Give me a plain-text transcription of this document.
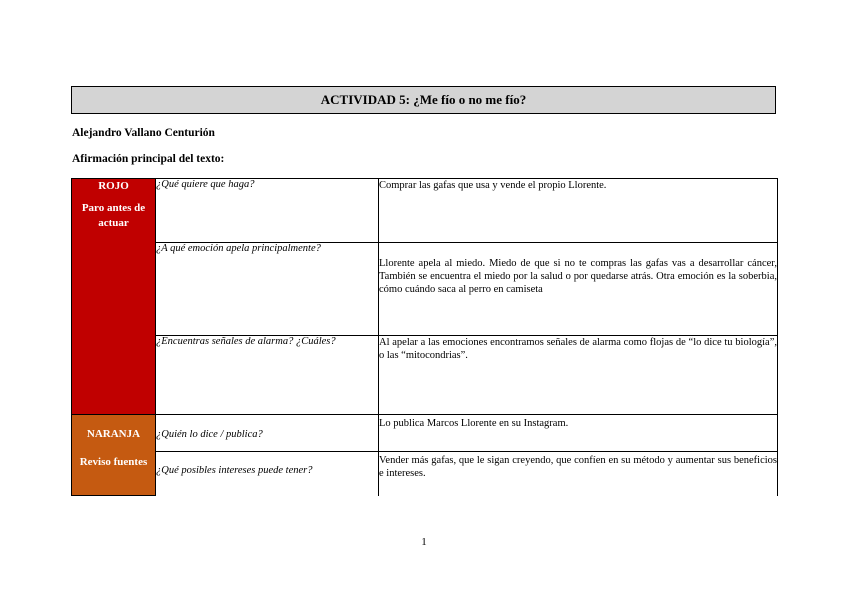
ACTIVIDAD 5: ¿Me fío o no me fío?
Alejandro Vallano Centurión
Afirmación principal del texto:
ROJO
Paro antes de actuar	¿Qué quiere que haga?	Comprar las gafas que usa y vende el propio Llorente.
	¿A qué emoción apela principalmente?	Llorente apela al miedo. Miedo de que si no te compras las gafas vas a desarrollar cáncer, También se encuentra el miedo por la salud o por quedarse atrás. Otra emoción es la soberbia, cómo cuándo saca al perro en camiseta
	¿Encuentras señales de alarma? ¿Cuáles?	Al apelar a las emociones encontramos señales de alarma como flojas de “lo dice tu biología”, o las “mitocondrias”.

NARANJA
Reviso fuentes	¿Quién lo dice / publica?	Lo publica Marcos Llorente en su Instagram.
	¿Qué posibles intereses puede tener?	Vender más gafas, que le sigan creyendo, que confíen en su método y aumentar sus beneficios e intereses.
1
